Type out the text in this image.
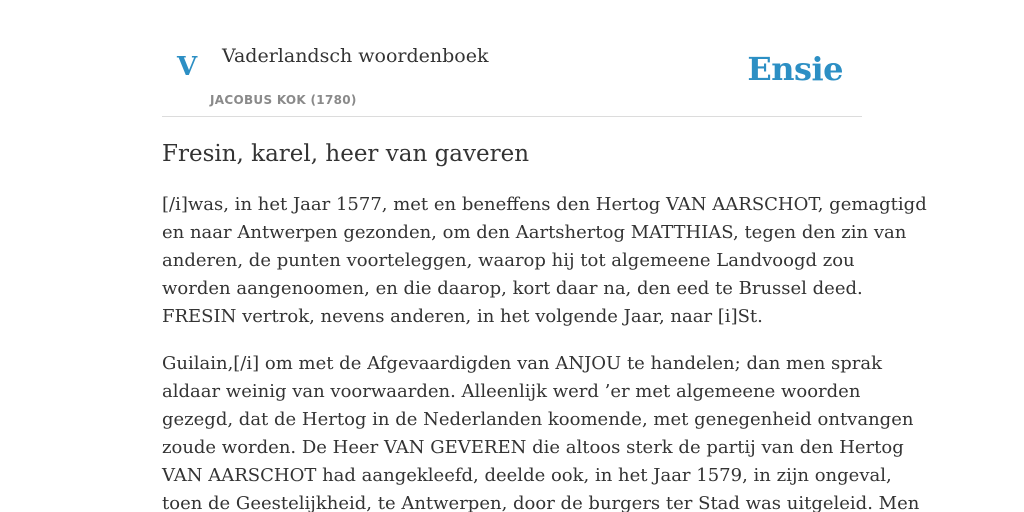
V Vaderlandsch woordenboek
JACOBUS KOK (1780)
Ensie
Fresin, karel, heer van gaveren

[/i]was, in het Jaar 1577, met en beneffens den Hertog VAN AARSCHOT, gemagtigd
en naar Antwerpen gezonden, om den Aartshertog MATTHIAS, tegen den zin van
anderen, de punten voorteleggen, waarop hij tot algemeene Landvoogd zou
worden aangenoomen, en die daarop, kort daar na, den eed te Brussel deed.
FRESIN vertrok, nevens anderen, in het volgende Jaar, naar [i]St.

Guilain,[/i] om met de Afgevaardigden van ANJOU te handelen; dan men sprak
aldaar weinig van voorwaarden. Alleenlijk werd ’er met algemeene woorden
gezegd, dat de Hertog in de Nederlanden koomende, met genegenheid ontvangen
zoude worden. De Heer VAN GEVEREN die altoos sterk de partij van den Hertog
VAN AARSCHOT had aangekleefd, deelde ook, in het Jaar 1579, in zijn ongeval,
toen de Geestelijkheid, te Antwerpen, door de burgers ter Stad was uitgeleid. Men
